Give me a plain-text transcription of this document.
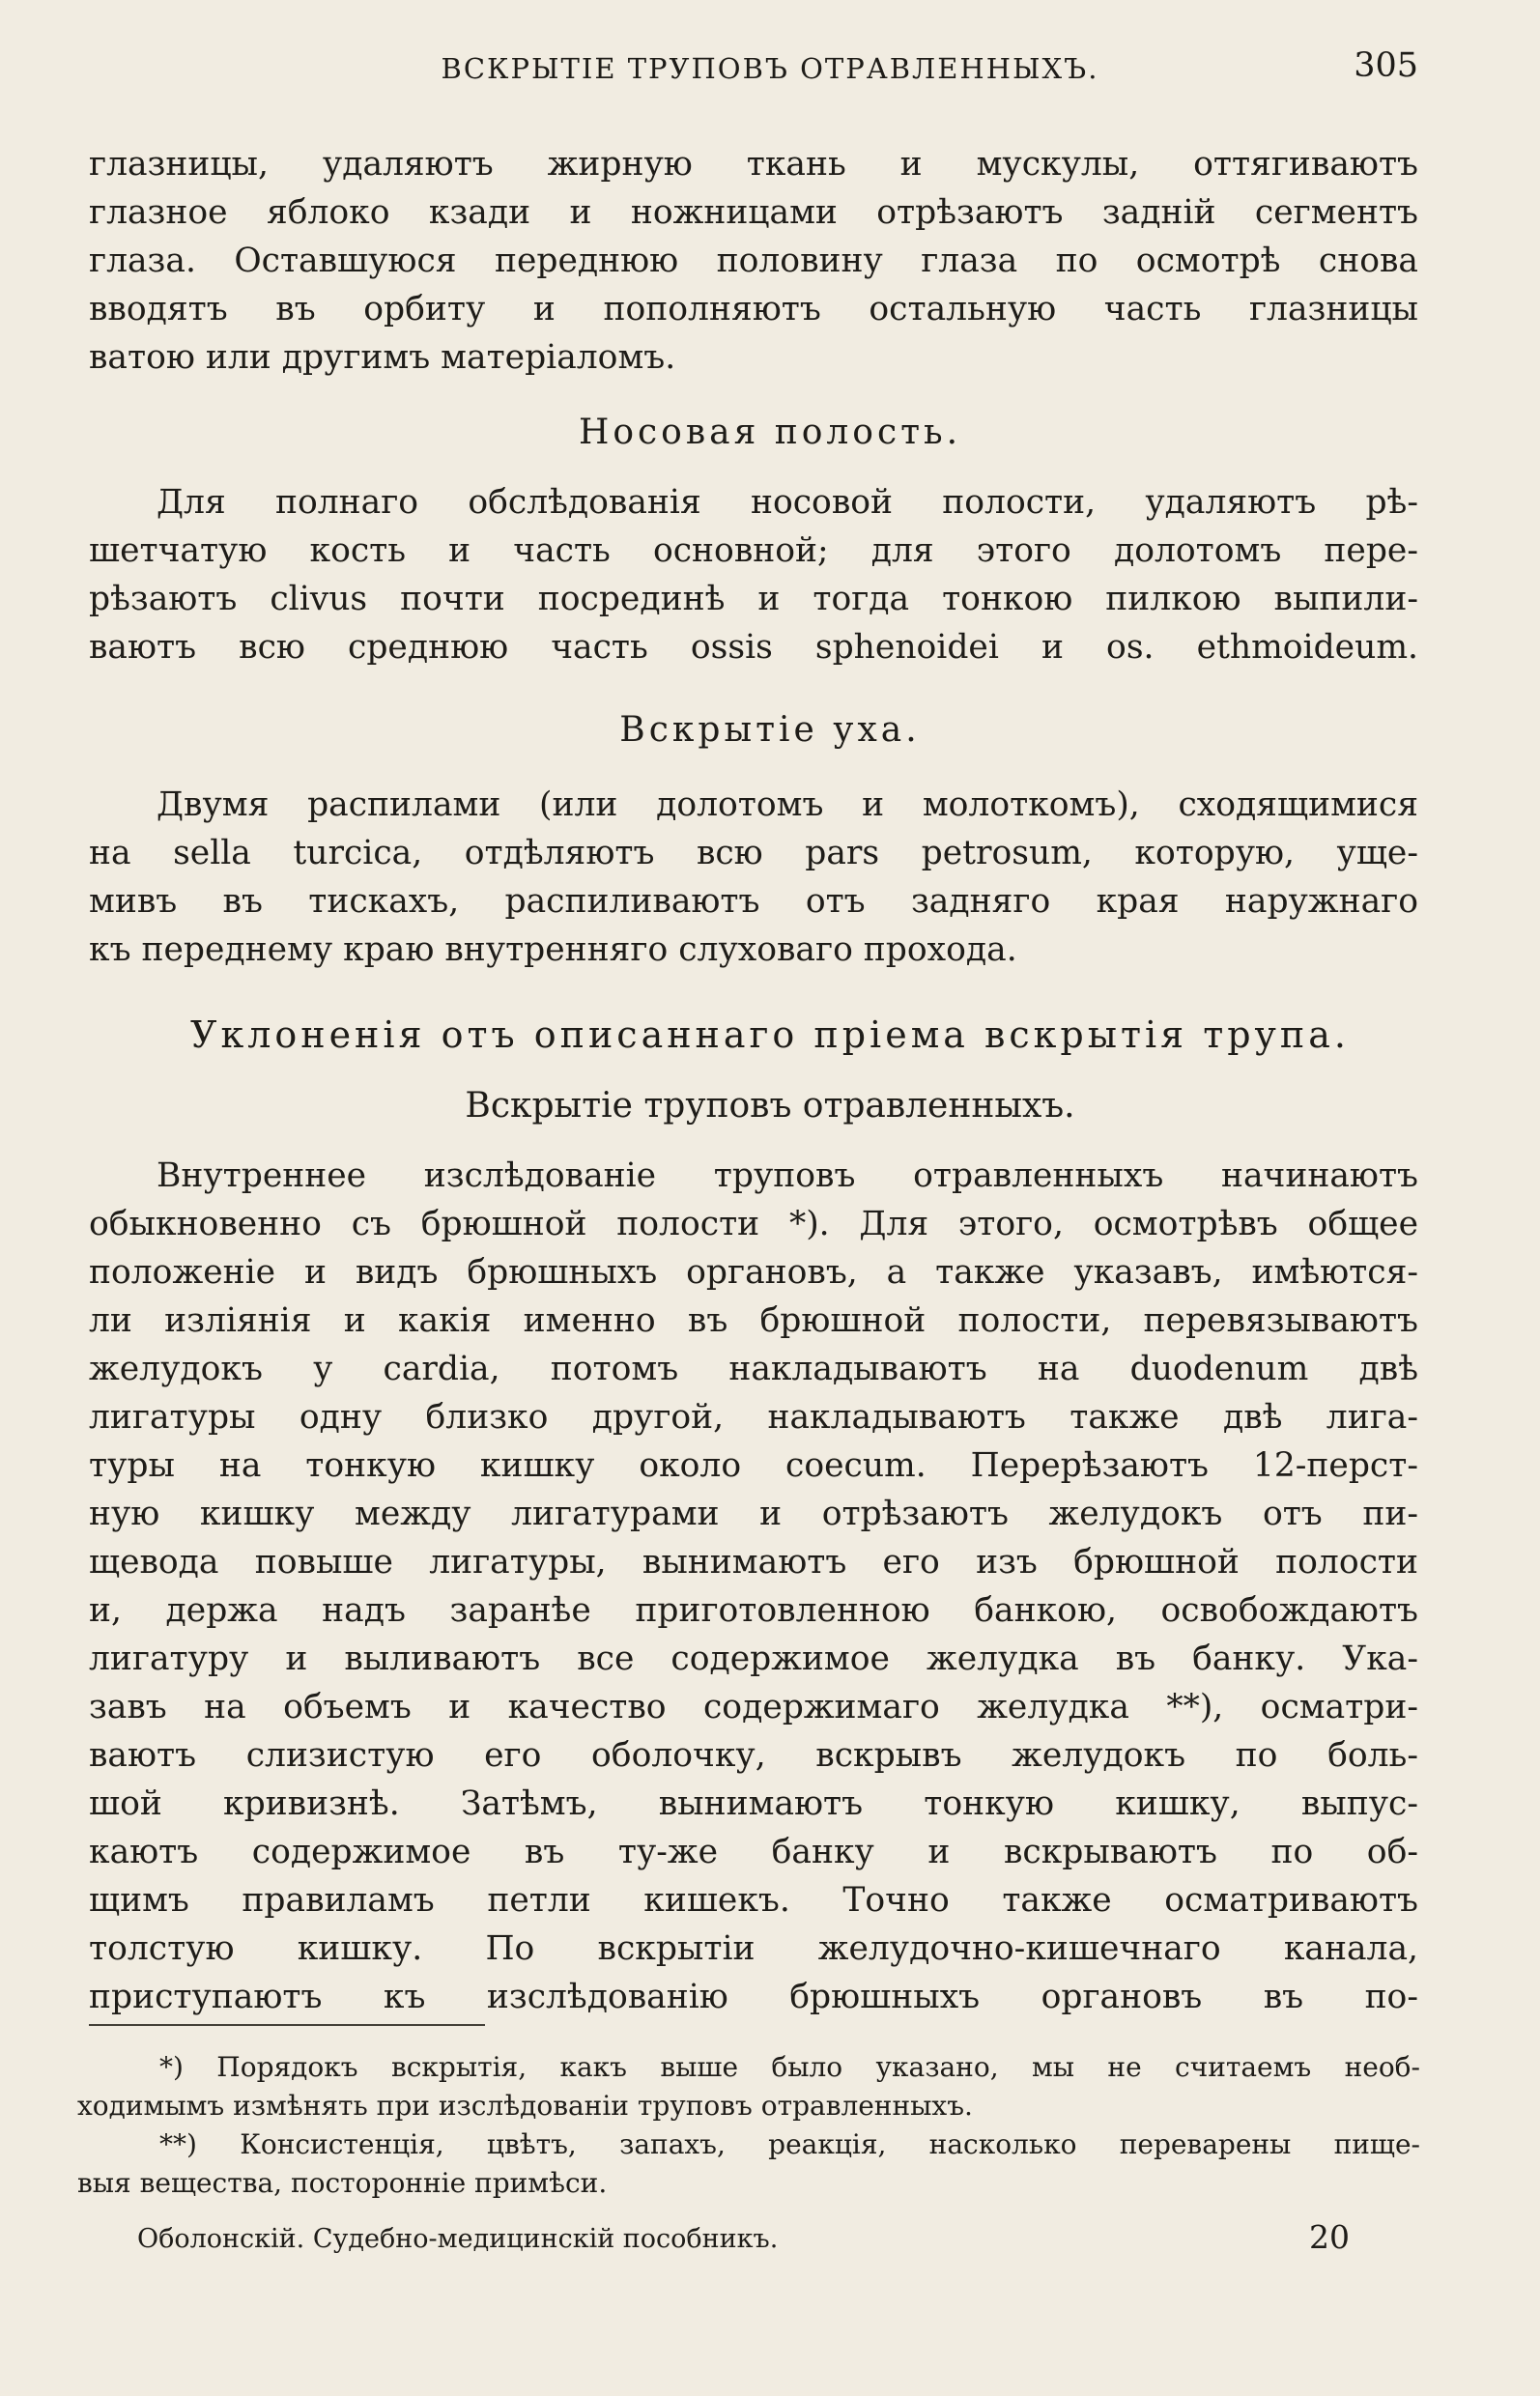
ВСКРЫТІЕ ТРУПОВЪ ОТРАВЛЕННЫХЪ.	305
глазницы, удаляютъ жирную ткань и мускулы, оттягиваютъ
глазное яблоко кзади и ножницами отрѣзаютъ задній сегментъ
глаза. Оставшуюся переднюю половину глаза по осмотрѣ снова
вводятъ въ орбиту и пополняютъ остальную часть глазницы
ватою или другимъ матеріаломъ.
Носовая полость.
Для полнаго обслѣдованія носовой полости, удаляютъ рѣ-
шетчатую кость и часть основной; для этого долотомъ пере-
рѣзаютъ clivus почти посрединѣ и тогда тонкою пилкою выпили-
ваютъ всю среднюю часть ossis sphenoidei и os. ethmoideum.
Вскрытіе уха.
Двумя распилами (или долотомъ и молоткомъ), сходящимися
на sella turcica, отдѣляютъ всю pars petrosum, которую, ущe-
мивъ въ тискахъ, распиливаютъ отъ задняго края наружнаго
къ переднему краю внутренняго слуховаго прохода.
Уклоненія отъ описаннаго пріема вскрытія трупа.
Вскрытіе труповъ отравленныхъ.
Внутреннее изслѣдованіе труповъ отравленныхъ начинаютъ
обыкновенно съ брюшной полости *). Для этого, осмотрѣвъ общее
положеніе и видъ брюшныхъ органовъ, а также указавъ, имѣются-
ли изліянія и какія именно въ брюшной полости, перевязываютъ
желудокъ у cardia, потомъ накладываютъ на duodenum двѣ
лигатуры одну близко другой, накладываютъ также двѣ лига-
туры на тонкую кишку около coecum. Перерѣзаютъ 12-перст-
ную кишку между лигатурами и отрѣзаютъ желудокъ отъ пи-
щевода повыше лигатуры, вынимаютъ его изъ брюшной полости
и, держа надъ заранѣе приготовленною банкою, освобождаютъ
лигатуру и выливаютъ все содержимое желудка въ банку. Ука-
завъ на объемъ и качество содержимаго желудка **), осматри-
ваютъ слизистую его оболочку, вскрывъ желудокъ по боль-
шой кривизнѣ. Затѣмъ, вынимаютъ тонкую кишку, выпус-
каютъ содержимое въ ту-же банку и вскрываютъ по об-
щимъ правиламъ петли кишекъ. Точно также осматриваютъ
толстую кишку. По вскрытіи желудочно-кишечнаго канала,
приступаютъ къ изслѣдованію брюшныхъ органовъ въ по-
*) Порядокъ вскрытія, какъ выше было указано, мы не считаемъ необ-
ходимымъ измѣнять при изслѣдованіи труповъ отравленныхъ.
**) Консистенція, цвѣтъ, запахъ, реакція, насколько переварены пище-
выя вещества, посторонніе примѣси.
Оболонскій. Судебно-медицинскій пособникъ.	20
